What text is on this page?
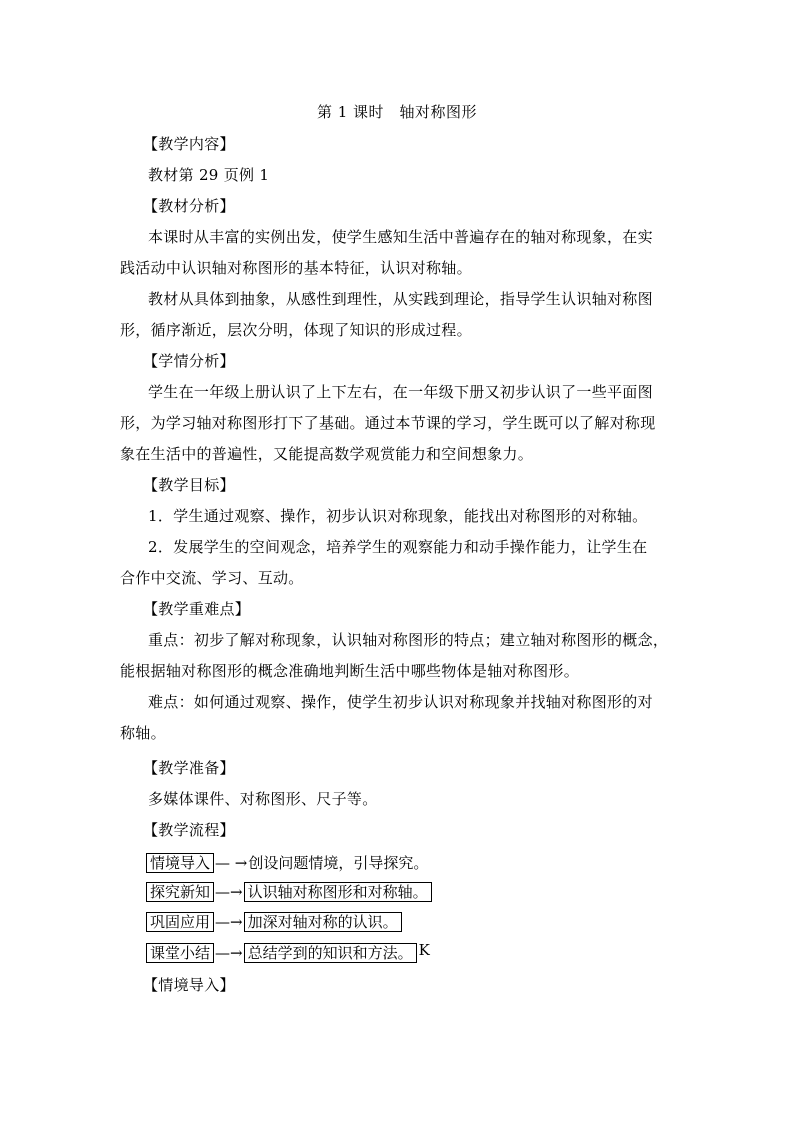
第 1 课时　轴对称图形
【教学内容】
教材第 29 页例 1
【教材分析】
本课时从丰富的实例出发，使学生感知生活中普遍存在的轴对称现象，在实
践活动中认识轴对称图形的基本特征，认识对称轴。
教材从具体到抽象，从感性到理性，从实践到理论，指导学生认识轴对称图
形，循序渐近，层次分明，体现了知识的形成过程。
【学情分析】
学生在一年级上册认识了上下左右，在一年级下册又初步认识了一些平面图
形，为学习轴对称图形打下了基础。通过本节课的学习，学生既可以了解对称现
象在生活中的普遍性，又能提高数学观赏能力和空间想象力。
【教学目标】
1．学生通过观察、操作，初步认识对称现象，能找出对称图形的对称轴。
2．发展学生的空间观念，培养学生的观察能力和动手操作能力，让学生在
合作中交流、学习、互动。
【教学重难点】
重点：初步了解对称现象，认识轴对称图形的特点；建立轴对称图形的概念，
能根据轴对称图形的概念准确地判断生活中哪些物体是轴对称图形。
难点：如何通过观察、操作，使学生初步认识对称现象并找轴对称图形的对
称轴。
【教学准备】
多媒体课件、对称图形、尺子等。
【教学流程】
情境导入— →创设问题情境，引导探究。
探究新知 —→ 认识轴对称图形和对称轴。
巩固应用 —→ 加深对轴对称的认识。
课堂小结 —→ 总结学到的知识和方法。 K
【情境导入】
